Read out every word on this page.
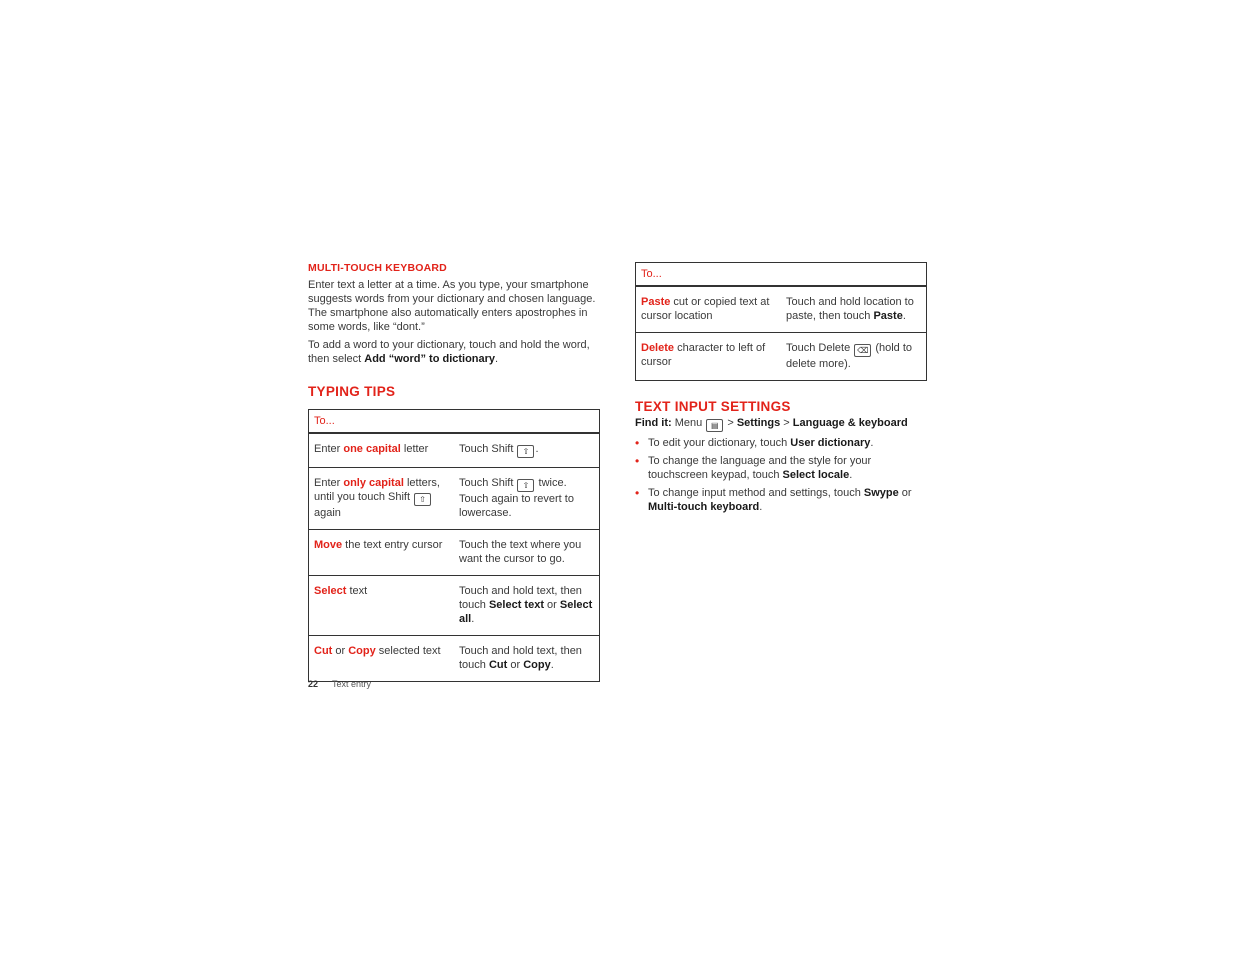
MULTI-TOUCH KEYBOARD

Enter text a letter at a time. As you type, your smartphone suggests words from your dictionary and chosen language. The smartphone also automatically enters apostrophes in some words, like “dont.”

To add a word to your dictionary, touch and hold the word, then select Add “word” to dictionary.

TYPING TIPS
To...	
Enter one capital letter	Touch Shift ⇧ .
Enter only capital letters, until you touch Shift ⇧ again	Touch Shift ⇧ twice. Touch again to revert to lowercase.
Move the text entry cursor	Touch the text where you want the cursor to go.
Select text	Touch and hold text, then touch Select text or Select all.
Cut or Copy selected text	Touch and hold text, then touch Cut or Copy.
To...	
Paste cut or copied text at cursor location	Touch and hold location to paste, then touch Paste.
Delete character to left of cursor	Touch Delete ⌫ (hold to delete more).
TEXT INPUT SETTINGS

Find it: Menu ▤ > Settings > Language & keyboard

• To edit your dictionary, touch User dictionary.
• To change the language and the style for your touchscreen keypad, touch Select locale.
• To change input method and settings, touch Swype or Multi-touch keyboard.
22 Text entry
